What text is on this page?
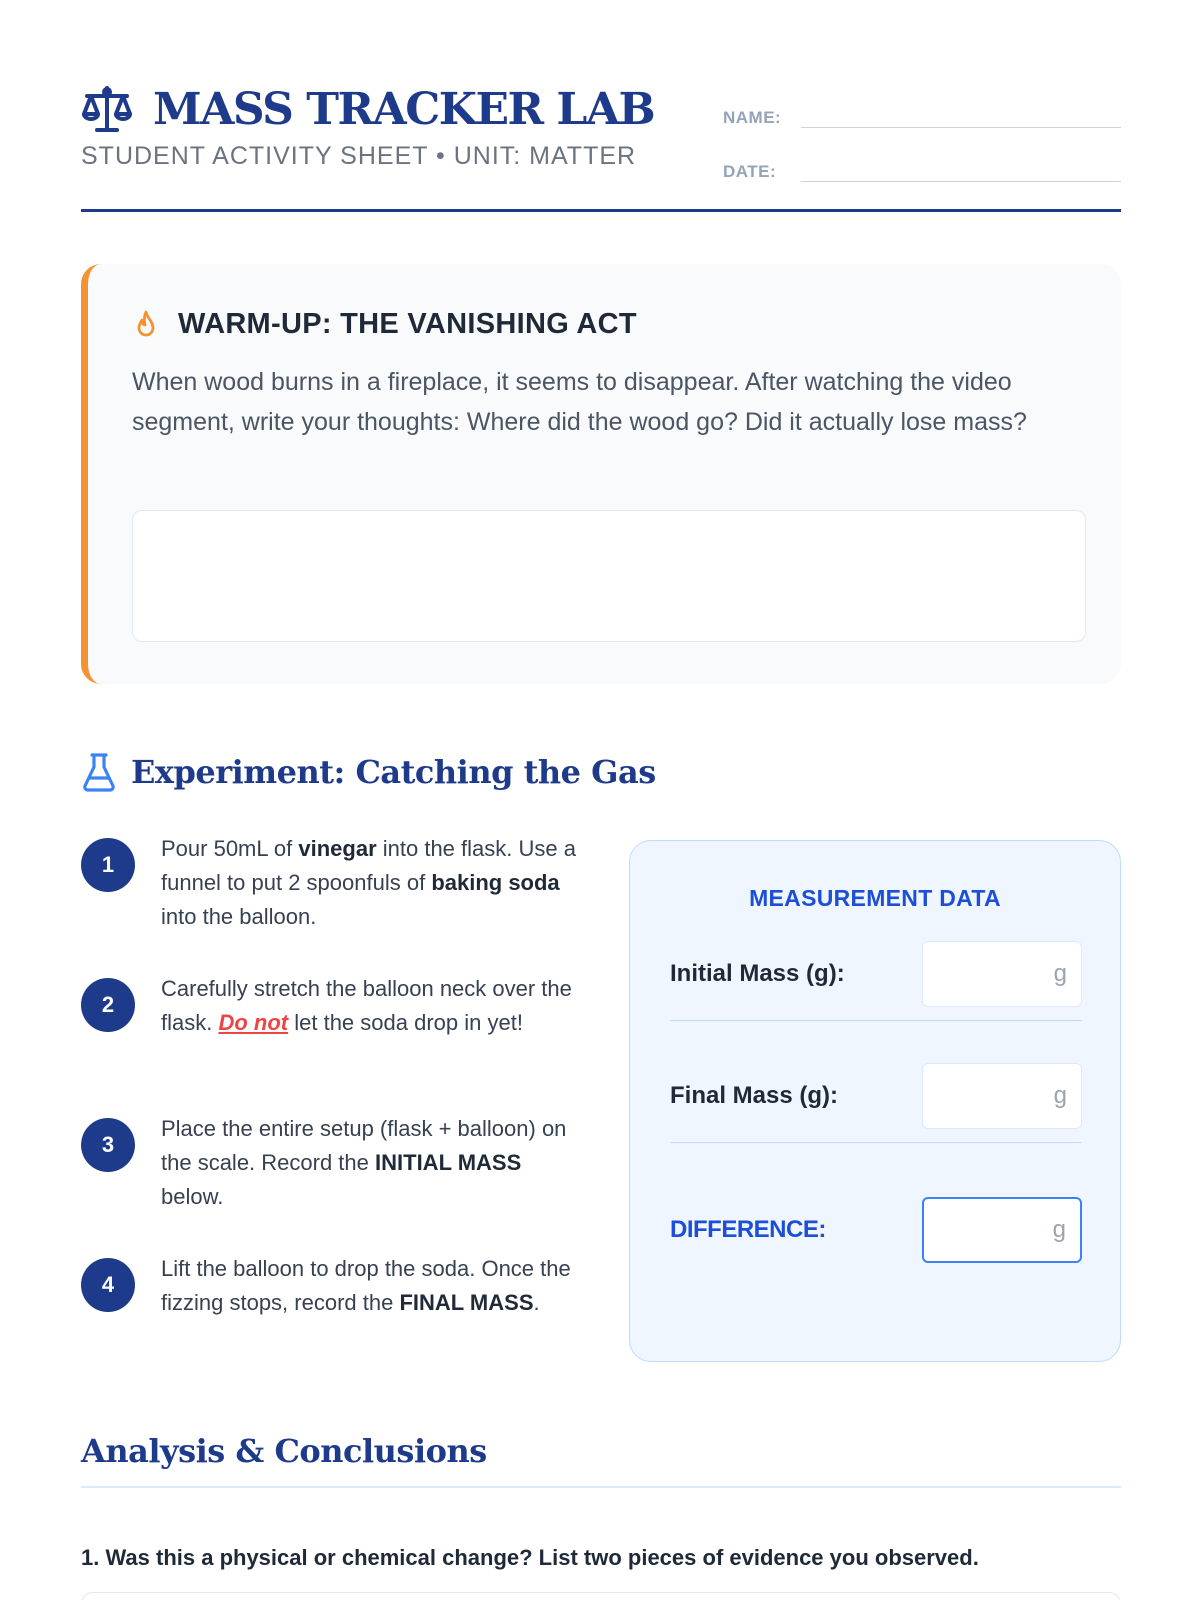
MASS TRACKER LAB
STUDENT ACTIVITY SHEET • UNIT: MATTER
NAME:
DATE:
WARM-UP: THE VANISHING ACT
When wood burns in a fireplace, it seems to disappear. After watching the video segment, write your thoughts: Where did the wood go? Did it actually lose mass?
Experiment: Catching the Gas
1
Pour 50mL of vinegar into the flask. Use a funnel to put 2 spoonfuls of baking soda into the balloon.
2
Carefully stretch the balloon neck over the flask. Do not let the soda drop in yet!
3
Place the entire setup (flask + balloon) on the scale. Record the INITIAL MASS below.
4
Lift the balloon to drop the soda. Once the fizzing stops, record the FINAL MASS.
MEASUREMENT DATA
Initial Mass (g):	g
Final Mass (g):	g
DIFFERENCE:	g
Analysis & Conclusions
1. Was this a physical or chemical change? List two pieces of evidence you observed.
